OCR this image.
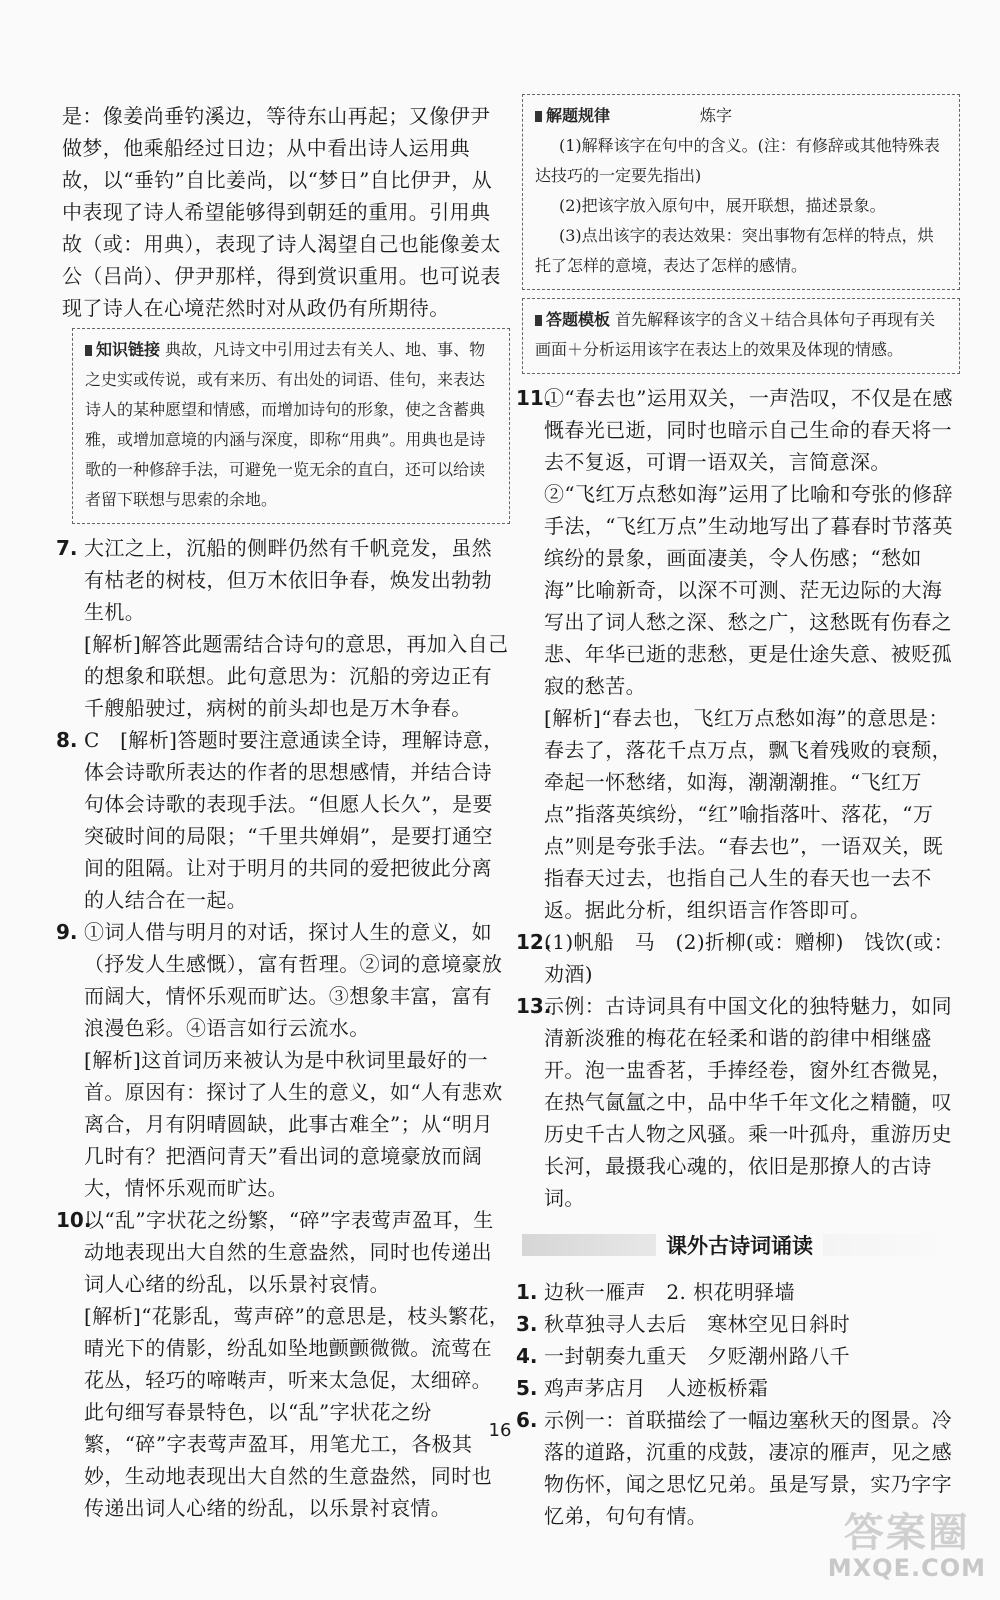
是：像姜尚垂钓溪边，等待东山再起；又像伊尹做梦，他乘船经过日边；从中看出诗人运用典故，以“垂钓”自比姜尚，以“梦日”自比伊尹，从中表现了诗人希望能够得到朝廷的重用。引用典故（或：用典），表现了诗人渴望自己也能像姜太公（吕尚）、伊尹那样，得到赏识重用。也可说表现了诗人在心境茫然时对从政仍有所期待。

知识链接 典故，凡诗文中引用过去有关人、地、事、物之史实或传说，或有来历、有出处的词语、佳句，来表达诗人的某种愿望和情感，而增加诗句的形象，使之含蓄典雅，或增加意境的内涵与深度，即称“用典”。用典也是诗歌的一种修辞手法，可避免一览无余的直白，还可以给读者留下联想与思索的余地。
7. 大江之上，沉船的侧畔仍然有千帆竞发，虽然有枯老的树枝，但万木依旧争春，焕发出勃勃生机。

[解析]解答此题需结合诗句的意思，再加入自己的想象和联想。此句意思为：沉船的旁边正有千艘船驶过，病树的前头却也是万木争春。

8. C　[解析]答题时要注意通读全诗，理解诗意，体会诗歌所表达的作者的思想感情，并结合诗句体会诗歌的表现手法。“但愿人长久”，是要突破时间的局限；“千里共婵娟”，是要打通空间的阻隔。让对于明月的共同的爱把彼此分离的人结合在一起。

9. ①词人借与明月的对话，探讨人生的意义，如（抒发人生感慨），富有哲理。②词的意境豪放而阔大，情怀乐观而旷达。③想象丰富，富有浪漫色彩。④语言如行云流水。

[解析]这首词历来被认为是中秋词里最好的一首。原因有：探讨了人生的意义，如“人有悲欢离合，月有阴晴圆缺，此事古难全”；从“明月几时有？把酒问青天”看出词的意境豪放而阔大，情怀乐观而旷达。

10.

以“乱”字状花之纷繁，“碎”字表莺声盈耳，生动地表现出大自然的生意盎然，同时也传递出词人心绪的纷乱，以乐景衬哀情。

[解析]“花影乱，莺声碎”的意思是，枝头繁花，晴光下的倩影，纷乱如坠地颤颤微微。流莺在花丛，轻巧的啼啭声，听来太急促，太细碎。此句细写春景特色，以“乱”字状花之纷繁，“碎”字表莺声盈耳，用笔尤工，各极其妙，生动地表现出大自然的生意盎然，同时也传递出词人心绪的纷乱，以乐景衬哀情。

解题规律	炼字

(1)解释该字在句中的含义。(注：有修辞或其他特殊表达技巧的一定要先指出)

(2)把该字放入原句中，展开联想，描述景象。

(3)点出该字的表达效果：突出事物有怎样的特点，烘托了怎样的意境，表达了怎样的感情。

答题模板 首先解释该字的含义＋结合具体句子再现有关画面＋分析运用该字在表达上的效果及体现的情感。
11.

①“春去也”运用双关，一声浩叹，不仅是在感慨春光已逝，同时也暗示自己生命的春天将一去不复返，可谓一语双关，言简意深。

②“飞红万点愁如海”运用了比喻和夸张的修辞手法，“飞红万点”生动地写出了暮春时节落英缤纷的景象，画面凄美，令人伤感；“愁如海”比喻新奇，以深不可测、茫无边际的大海写出了词人愁之深、愁之广，这愁既有伤春之悲、年华已逝的悲愁，更是仕途失意、被贬孤寂的愁苦。

[解析]“春去也，飞红万点愁如海”的意思是：春去了，落花千点万点，飘飞着残败的衰颓，牵起一怀愁绪，如海，潮潮潮推。“飞红万点”指落英缤纷，“红”喻指落叶、落花，“万点”则是夸张手法。“春去也”，一语双关，既指春天过去，也指自己人生的春天也一去不返。据此分析，组织语言作答即可。

12.

(1)帆船　马　(2)折柳(或：赠柳)　饯饮(或：劝酒)

13.

示例：古诗词具有中国文化的独特魅力，如同清新淡雅的梅花在轻柔和谐的韵律中相继盛开。泡一盅香茗，手捧经卷，窗外红杏微晃，在热气氤氲之中，品中华千年文化之精髓，叹历史千古人物之风骚。乘一叶孤舟，重游历史长河，最摄我心魂的，依旧是那撩人的古诗词。

课外古诗词诵读
1. 边秋一雁声　2. 枳花明驿墙

3. 秋草独寻人去后　寒林空见日斜时

4. 一封朝奏九重天　夕贬潮州路八千

5. 鸡声茅店月　人迹板桥霜

6. 示例一：首联描绘了一幅边塞秋天的图景。冷落的道路，沉重的戍鼓，凄凉的雁声，见之感物伤怀，闻之思忆兄弟。虽是写景，实乃字字忆弟，句句有情。

16
答案圈
MXQE.COM
